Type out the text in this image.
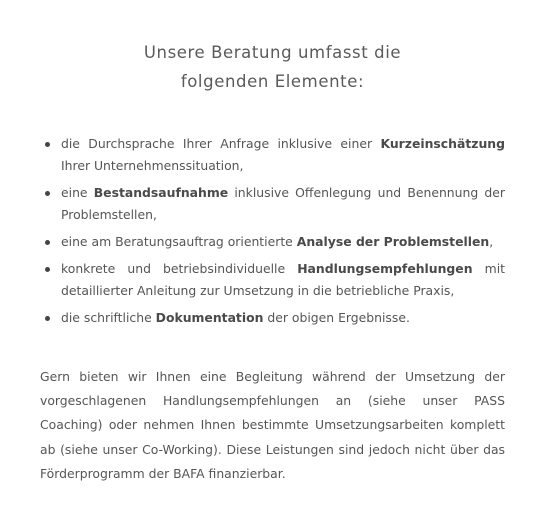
Unsere Beratung umfasst die
folgenden Elemente:
die Durchsprache Ihrer Anfrage inklusive einer Kurzeinschätzung Ihrer Unternehmenssituation,
eine Bestandsaufnahme inklusive Offenlegung und Benennung der Problemstellen,
eine am Beratungsauftrag orientierte Analyse der Problemstellen,
konkrete und betriebsindividuelle Handlungsempfehlungen mit detaillierter Anleitung zur Umsetzung in die betriebliche Praxis,
die schriftliche Dokumentation der obigen Ergebnisse.

Gern bieten wir Ihnen eine Begleitung während der Umsetzung der vorgeschlagenen Handlungsempfehlungen an (siehe unser PASS Coaching) oder nehmen Ihnen bestimmte Umsetzungsarbeiten komplett ab (siehe unser Co-Working). Diese Leistungen sind jedoch nicht über das Förderprogramm der BAFA finanzierbar.
